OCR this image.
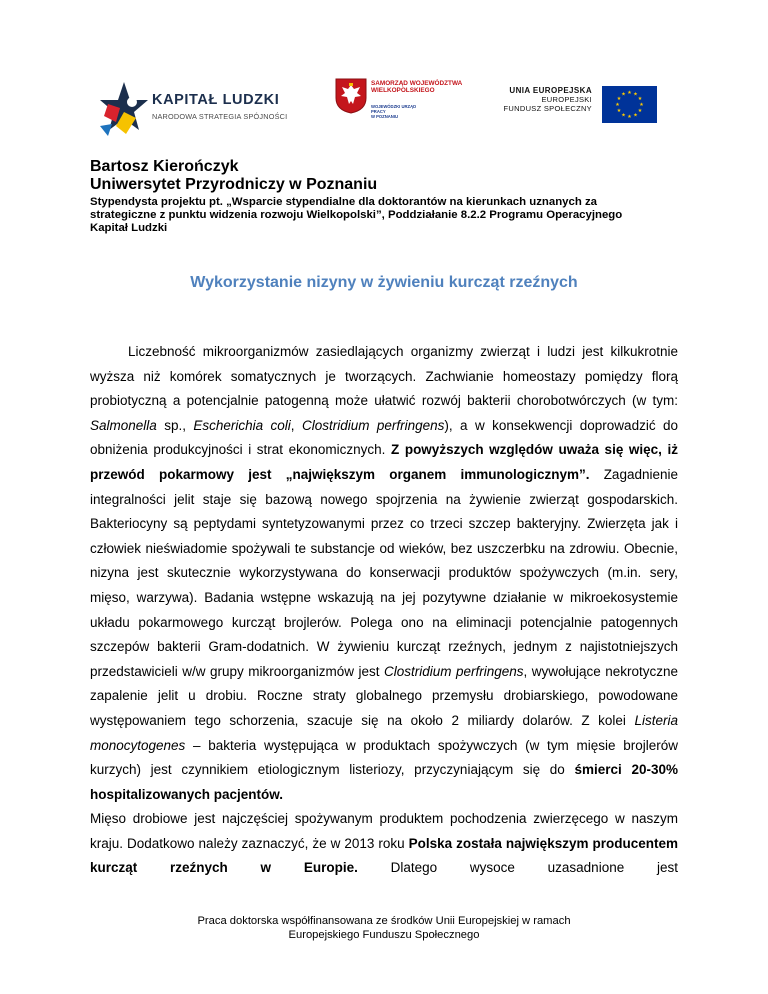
KAPITAŁ LUDZKI
NARODOWA STRATEGIA SPÓJNOŚCI
SAMORZĄD WOJEWÓDZTWA
WIELKOPOLSKIEGO
WOJEWÓDZKI URZĄD PRACY
W POZNANIU
UNIA EUROPEJSKA
EUROPEJSKI
FUNDUSZ SPOŁECZNY
★ ★
★
★
★
★
★
★
★
★
★
★
Bartosz Kierończyk
Uniwersytet Przyrodniczy w Poznaniu
Stypendysta projektu pt. „Wsparcie stypendialne dla doktorantów na kierunkach uznanych za strategiczne z punktu widzenia rozwoju Wielkopolski”, Poddziałanie 8.2.2 Programu Operacyjnego Kapitał Ludzki
Wykorzystanie nizyny w żywieniu kurcząt rzeźnych

Liczebność mikroorganizmów zasiedlających organizmy zwierząt i ludzi jest kilkukrotnie wyższa niż komórek somatycznych je tworzących. Zachwianie homeostazy pomiędzy florą probiotyczną a potencjalnie patogenną może ułatwić rozwój bakterii chorobotwórczych (w tym: Salmonella sp., Escherichia coli, Clostridium perfringens), a w konsekwencji doprowadzić do obniżenia produkcyjności i strat ekonomicznych. Z powyższych względów uważa się więc, iż przewód pokarmowy jest „największym organem immunologicznym”. Zagadnienie integralności jelit staje się bazową nowego spojrzenia na żywienie zwierząt gospodarskich. Bakteriocyny są peptydami syntetyzowanymi przez co trzeci szczep bakteryjny. Zwierzęta jak i człowiek nieświadomie spożywali te substancje od wieków, bez uszczerbku na zdrowiu. Obecnie, nizyna jest skutecznie wykorzystywana do konserwacji produktów spożywczych (m.in. sery, mięso, warzywa). Badania wstępne wskazują na jej pozytywne działanie w mikroekosystemie układu pokarmowego kurcząt brojlerów. Polega ono na eliminacji potencjalnie patogennych szczepów bakterii Gram-dodatnich. W żywieniu kurcząt rzeźnych, jednym z najistotniejszych przedstawicieli w/w grupy mikroorganizmów jest Clostridium perfringens, wywołujące nekrotyczne zapalenie jelit u drobiu. Roczne straty globalnego przemysłu drobiarskiego, powodowane występowaniem tego schorzenia, szacuje się na około 2 miliardy dolarów. Z kolei Listeria monocytogenes – bakteria występująca w produktach spożywczych (w tym mięsie brojlerów kurzych) jest czynnikiem etiologicznym listeriozy, przyczyniającym się do śmierci 20-30% hospitalizowanych pacjentów.

Mięso drobiowe jest najczęściej spożywanym produktem pochodzenia zwierzęcego w naszym kraju. Dodatkowo należy zaznaczyć, że w 2013 roku Polska została największym producentem kurcząt rzeźnych w Europie. Dlatego wysoce uzasadnione jest

Praca doktorska współfinansowana ze środków Unii Europejskiej w ramach
Europejskiego Funduszu Społecznego
